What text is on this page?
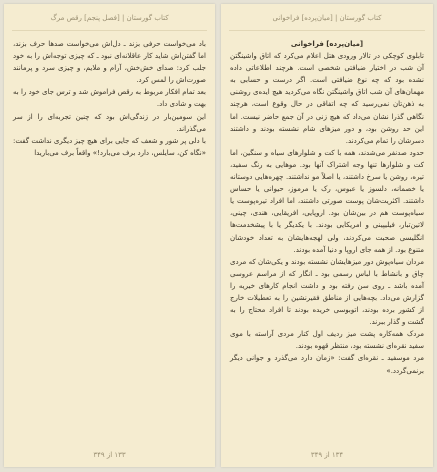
کتاب گورستان | [فصل پنجم] رقص مرگ

باد می‌خواست حرفی بزند ـ دل‌اش می‌خواست صدها حرف بزند، اما گفتن‌اش شاید کار عاقلانه‌ای نبود ـ که چیزی توجه‌اش را به خود جلب کرد: صدای خش‌خش، آرام و ملایم، و چیزی سرد و پرمانند صورت‌اش را لمس کرد.

بعد تمام افکار مربوط به رقص فراموش شد و ترس جای خود را به بهت و شادی داد.

این سومین‌بار در زندگی‌اش بود که چنین تجربه‌ای را از سر می‌گذراند.

با دلی پر شور و شعف که جایی برای هیچ چیز دیگری نداشت گفت: «نگاه کن، سایلس، دارد برف می‌بارد!» واقعاً برف می‌باریدا

۱۳۳ از ۳۴۹
کتاب گورستان | [میان‌پرده] فراخوانی

[میان‌پرده] فراخوانی

تابلوی کوچکی در تالار ورودی هتل اعلام می‌کرد که اتاق واشینگتن آن شب در اختیار ضیافتی شخصی است. هرچند اطلاعاتی داده نشده بود که چه نوع ضیافتی است. اگر درست و حسابی به مهمان‌های آن شب اتاق واشینگتن نگاه می‌کردید هیچ ایده‌ی روشنی به ذهن‌تان نمی‌رسید که چه اتفاقی در حال وقوع است، هرچند نگاهی گذرا نشان می‌داد که هیچ زنی در آن جمع حاضر نیست. اما این حد روشن بود، و دور میزهای شام نشسته بودند و داشتند دسرشان را تمام می‌کردند.

حدود صدنفر می‌شدند، همه با کت و شلوارهای سیاه و سنگین، اما کت و شلوارها تنها وجه اشتراک آنها بود. موهایی به رنگ سفید، تیره، روشن یا سرخ داشتند، یا اصلاً مو نداشتند. چهره‌هایی دوستانه یا خصمانه، دلسوز یا عبوس، رک یا مرموز، حیوانی یا حساس داشتند. اکثریت‌شان پوست صورتی داشتند، اما افراد تیره‌پوست یا سیاه‌پوست هم در بین‌شان بود. اروپایی، افریقایی، هندی، چینی، لاتین‌تبار، فیلیپینی و امریکایی بودند. با یکدیگر یا با پیشخدمت‌ها انگلیسی صحبت می‌کردند، ولی لهجه‌هایشان به تعداد خودشان متنوع بود. از همه جای اروپا و دنیا آمده بودند.

مردان سیاه‌پوش دور میزهایشان نشسته بودند و یکی‌شان که مردی چاق و بانشاط با لباس رسمی بود ـ انگار که از مراسم عروسی آمده باشد ـ روی سن رفته بود و داشت انجام کارهای خیریه را گزارش می‌داد. بچه‌هایی از مناطق فقیرنشین را به تعطیلات خارج از کشور برده بودند، اتوبوسی خریده بودند تا افراد محتاج را به گشت و گذار ببرند.

مردک همه‌کاره پشت میز ردیف اول کنار مردی آراسته با موی سفید نقره‌ای نشسته بود، منتظر قهوه بودند.

مرد موسفید ـ نقره‌ای گفت: «زمان دارد می‌گذرد و جوانی دیگر برنمی‌گردد.»

۱۳۴ از ۳۴۹
